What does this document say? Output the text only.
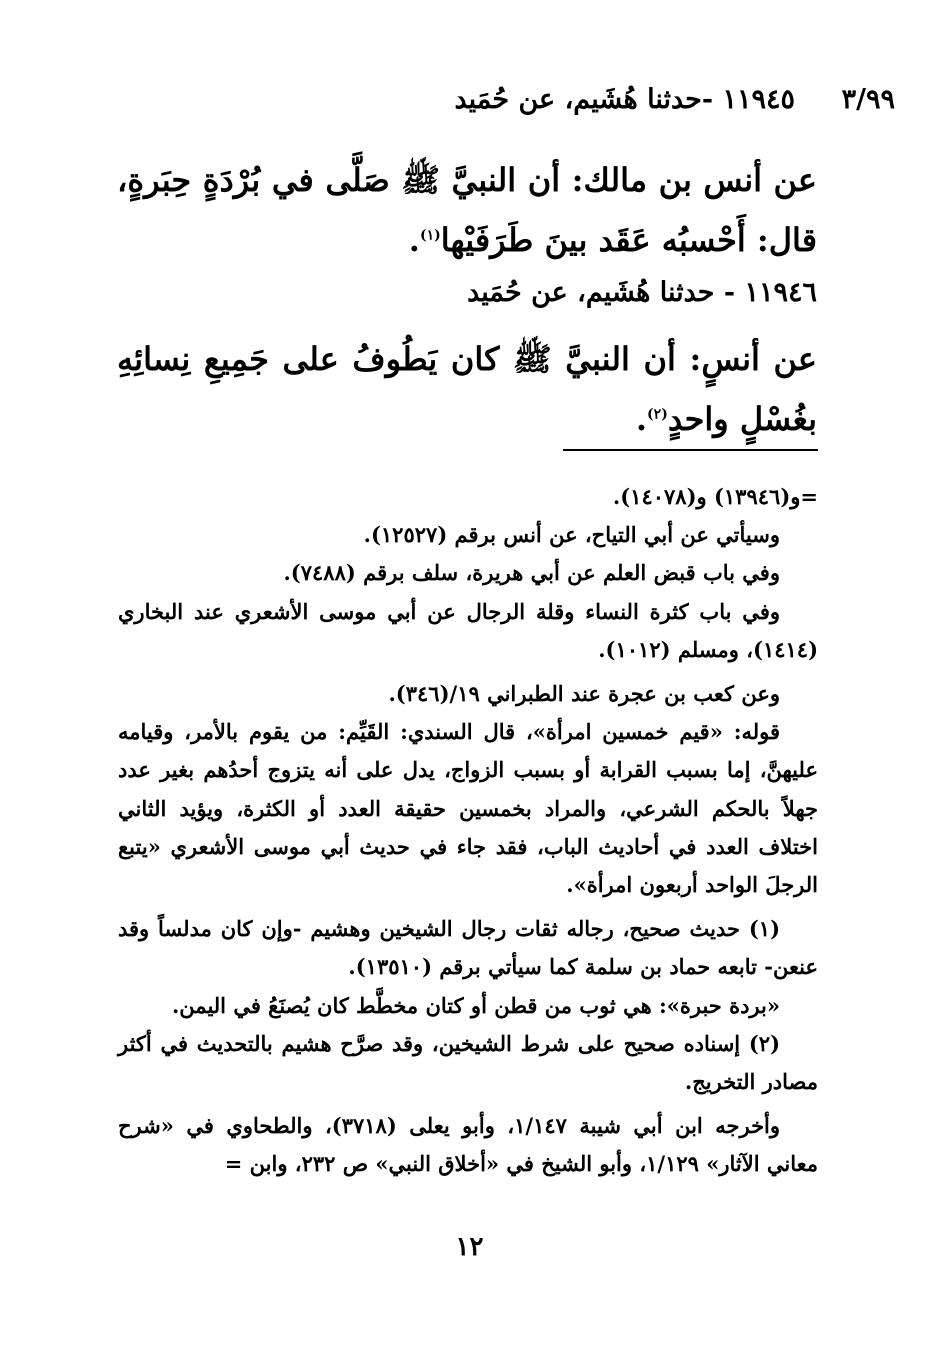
٣/٩٩
١١٩٤٥ -حدثنا هُشَيم، عن حُمَيد
عن أنس بن مالك: أن النبيَّ ﷺ صَلَّى في بُرْدَةٍ حِبَرةٍ، قال: أَحْسبُه عَقَد بينَ طَرَفَيْها$^{(١)}$.
١١٩٤٦ - حدثنا هُشَيم، عن حُمَيد
عن أنسٍ: أن النبيَّ ﷺ كان يَطُوفُ على جَمِيعِ نِسائِهِ بغُسْلٍ واحدٍ$^{(٢)}$.

=و(١٣٩٤٦) و(١٤٠٧٨).

وسيأتي عن أبي التياح، عن أنس برقم (١٢٥٢٧).

وفي باب قبض العلم عن أبي هريرة، سلف برقم (٧٤٨٨).

وفي باب كثرة النساء وقلة الرجال عن أبي موسى الأشعري عند البخاري (١٤١٤)، ومسلم (١٠١٢).

وعن كعب بن عجرة عند الطبراني ١٩/(٣٤٦).

قوله: «قيم خمسين امرأة»، قال السندي: القَيِّم: من يقوم بالأمر، وقيامه عليهنَّ، إما بسبب القرابة أو بسبب الزواج، يدل على أنه يتزوج أحدُهم بغير عدد جهلاً بالحكم الشرعي، والمراد بخمسين حقيقة العدد أو الكثرة، ويؤيد الثاني اختلاف العدد في أحاديث الباب، فقد جاء في حديث أبي موسى الأشعري «يتبع الرجلَ الواحد أربعون امرأة».

(١) حديث صحيح، رجاله ثقات رجال الشيخين وهشيم -وإن كان مدلساً وقد عنعن- تابعه حماد بن سلمة كما سيأتي برقم (١٣٥١٠).

«بردة حبرة»: هي ثوب من قطن أو كتان مخطَّط كان يُصنَعُ في اليمن.

(٢) إسناده صحيح على شرط الشيخين، وقد صرَّح هشيم بالتحديث في أكثر مصادر التخريج.

وأخرجه ابن أبي شيبة ١/١٤٧، وأبو يعلى (٣٧١٨)، والطحاوي في «شرح معاني الآثار» ١/١٢٩، وأبو الشيخ في «أخلاق النبي» ص ٢٣٢، وابن =

١٢
